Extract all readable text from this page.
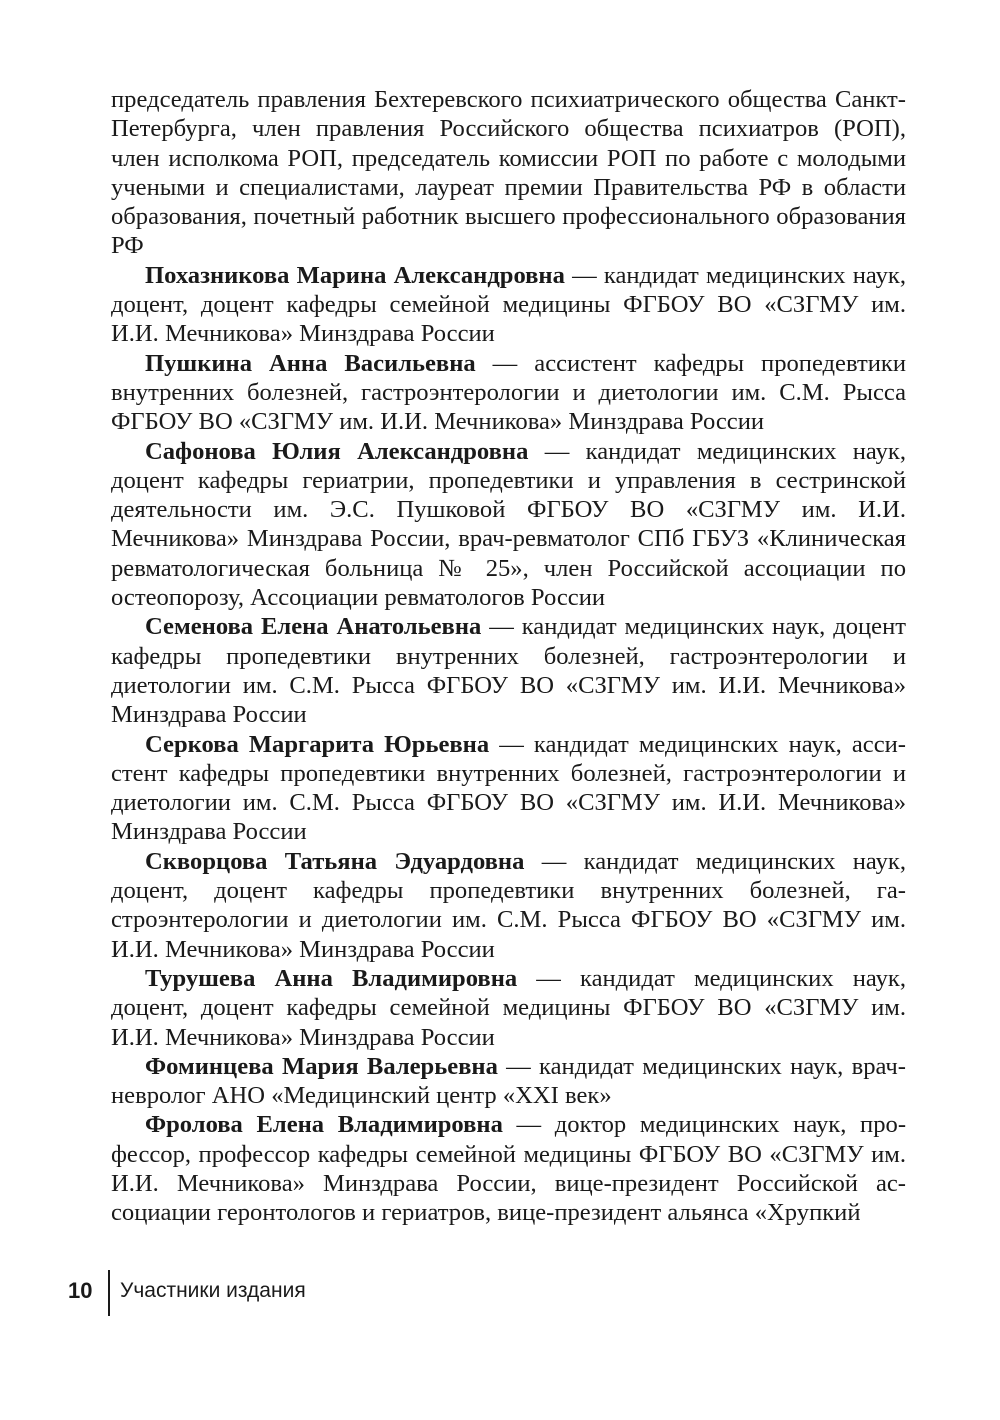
председатель правления Бехтеревского психиатрического общества Санкт-Петербурга, член правления Российского общества психиатров (РОП), член исполкома РОП, председатель комиссии РОП по работе с молодыми учеными и специалистами, лауреат премии Правительства РФ в области образования, почетный работник высшего профессионального образования РФ

Похазникова Марина Александровна — кандидат медицинских наук, доцент, доцент кафедры семейной медицины ФГБОУ ВО «СЗГМУ им. И.И. Мечникова» Минздрава России

Пушкина Анна Васильевна — ассистент кафедры пропедевтики внутренних болезней, гастроэнтерологии и диетологии им. С.М. Рысса ФГБОУ ВО «СЗГМУ им. И.И. Мечникова» Минздрава России

Сафонова Юлия Александровна — кандидат медицинских наук, доцент кафедры гериатрии, пропедевтики и управления в сестринской деятельности им. Э.С. Пушковой ФГБОУ ВО «СЗГМУ им. И.И. Мечникова» Минздрава России, врач-ревматолог СПб ГБУЗ «Клиническая ревматологическая больница № 25», член Российской ассоциации по остеопорозу, Ассоциации ревматологов России

Семенова Елена Анатольевна — кандидат медицинских наук, доцент кафедры пропедевтики внутренних болезней, гастроэнтерологии и диетологии им. С.М. Рысса ФГБОУ ВО «СЗГМУ им. И.И. Мечникова» Минздрава России

Серкова Маргарита Юрьевна — кандидат медицинских наук, ассистент кафедры пропедевтики внутренних болезней, гастроэнтерологии и диетологии им. С.М. Рысса ФГБОУ ВО «СЗГМУ им. И.И. Мечникова» Минздрава России

Скворцова Татьяна Эдуардовна — кандидат медицинских наук, доцент, доцент кафедры пропедевтики внутренних болезней, гастроэнтерологии и диетологии им. С.М. Рысса ФГБОУ ВО «СЗГМУ им. И.И. Мечникова» Минздрава России

Турушева Анна Владимировна — кандидат медицинских наук, доцент, доцент кафедры семейной медицины ФГБОУ ВО «СЗГМУ им. И.И. Мечникова» Минздрава России

Фоминцева Мария Валерьевна — кандидат медицинских наук, врач-невролог АНО «Медицинский центр «XXI век»

Фролова Елена Владимировна — доктор медицинских наук, профессор, профессор кафедры семейной медицины ФГБОУ ВО «СЗГМУ им. И.И. Мечникова» Минздрава России, вице-президент Российской ассоциации геронтологов и гериатров, вице-президент альянса «Хрупкий

10 Участники издания
